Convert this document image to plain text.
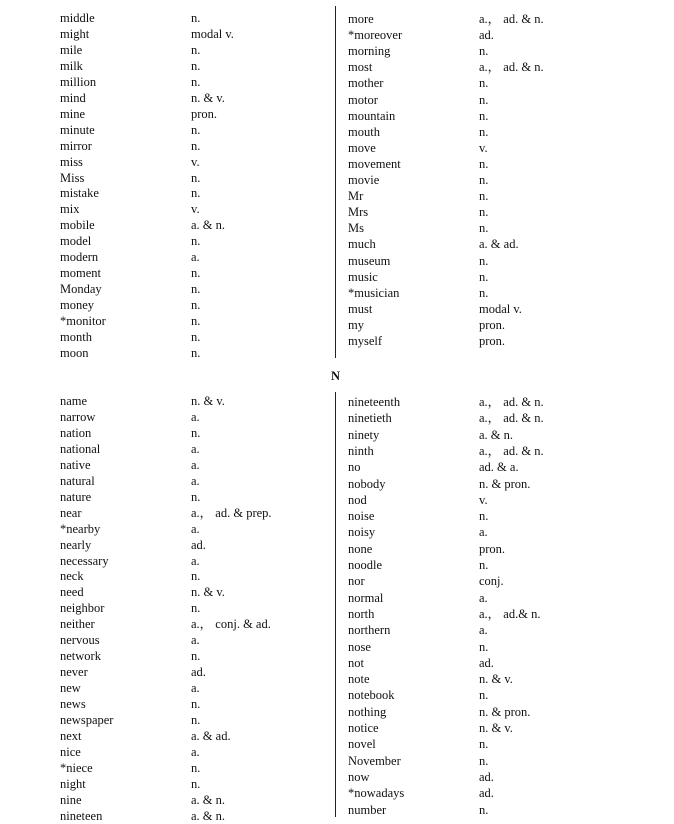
N
middle	n.
might	modal v.
mile	n.
milk	n.
million	n.
mind	n. & v.
mine	pron.
minute	n.
mirror	n.
miss	v.
Miss	n.
mistake	n.
mix	v.
mobile	a. & n.
model	n.
modern	a.
moment	n.
Monday	n.
money	n.
*monitor	n.
month	n.
moon	n.
more	a.， ad. & n.
*moreover	ad.
morning	n.
most	a.， ad. & n.
mother	n.
motor	n.
mountain	n.
mouth	n.
move	v.
movement	n.
movie	n.
Mr	n.
Mrs	n.
Ms	n.
much	a. & ad.
museum	n.
music	n.
*musician	n.
must	modal v.
my	pron.
myself	pron.
name	n. & v.
narrow	a.
nation	n.
national	a.
native	a.
natural	a.
nature	n.
near	a.， ad. & prep.
*nearby	a.
nearly	ad.
necessary	a.
neck	n.
need	n. & v.
neighbor	n.
neither	a.， conj. & ad.
nervous	a.
network	n.
never	ad.
new	a.
news	n.
newspaper	n.
next	a. & ad.
nice	a.
*niece	n.
night	n.
nine	a. & n.
nineteen	a. & n.
nineteenth	a.， ad. & n.
ninetieth	a.， ad. & n.
ninety	a. & n.
ninth	a.， ad. & n.
no	ad. & a.
nobody	n. & pron.
nod	v.
noise	n.
noisy	a.
none	pron.
noodle	n.
nor	conj.
normal	a.
north	a.， ad.& n.
northern	a.
nose	n.
not	ad.
note	n. & v.
notebook	n.
nothing	n. & pron.
notice	n. & v.
novel	n.
November	n.
now	ad.
*nowadays	ad.
number	n.
